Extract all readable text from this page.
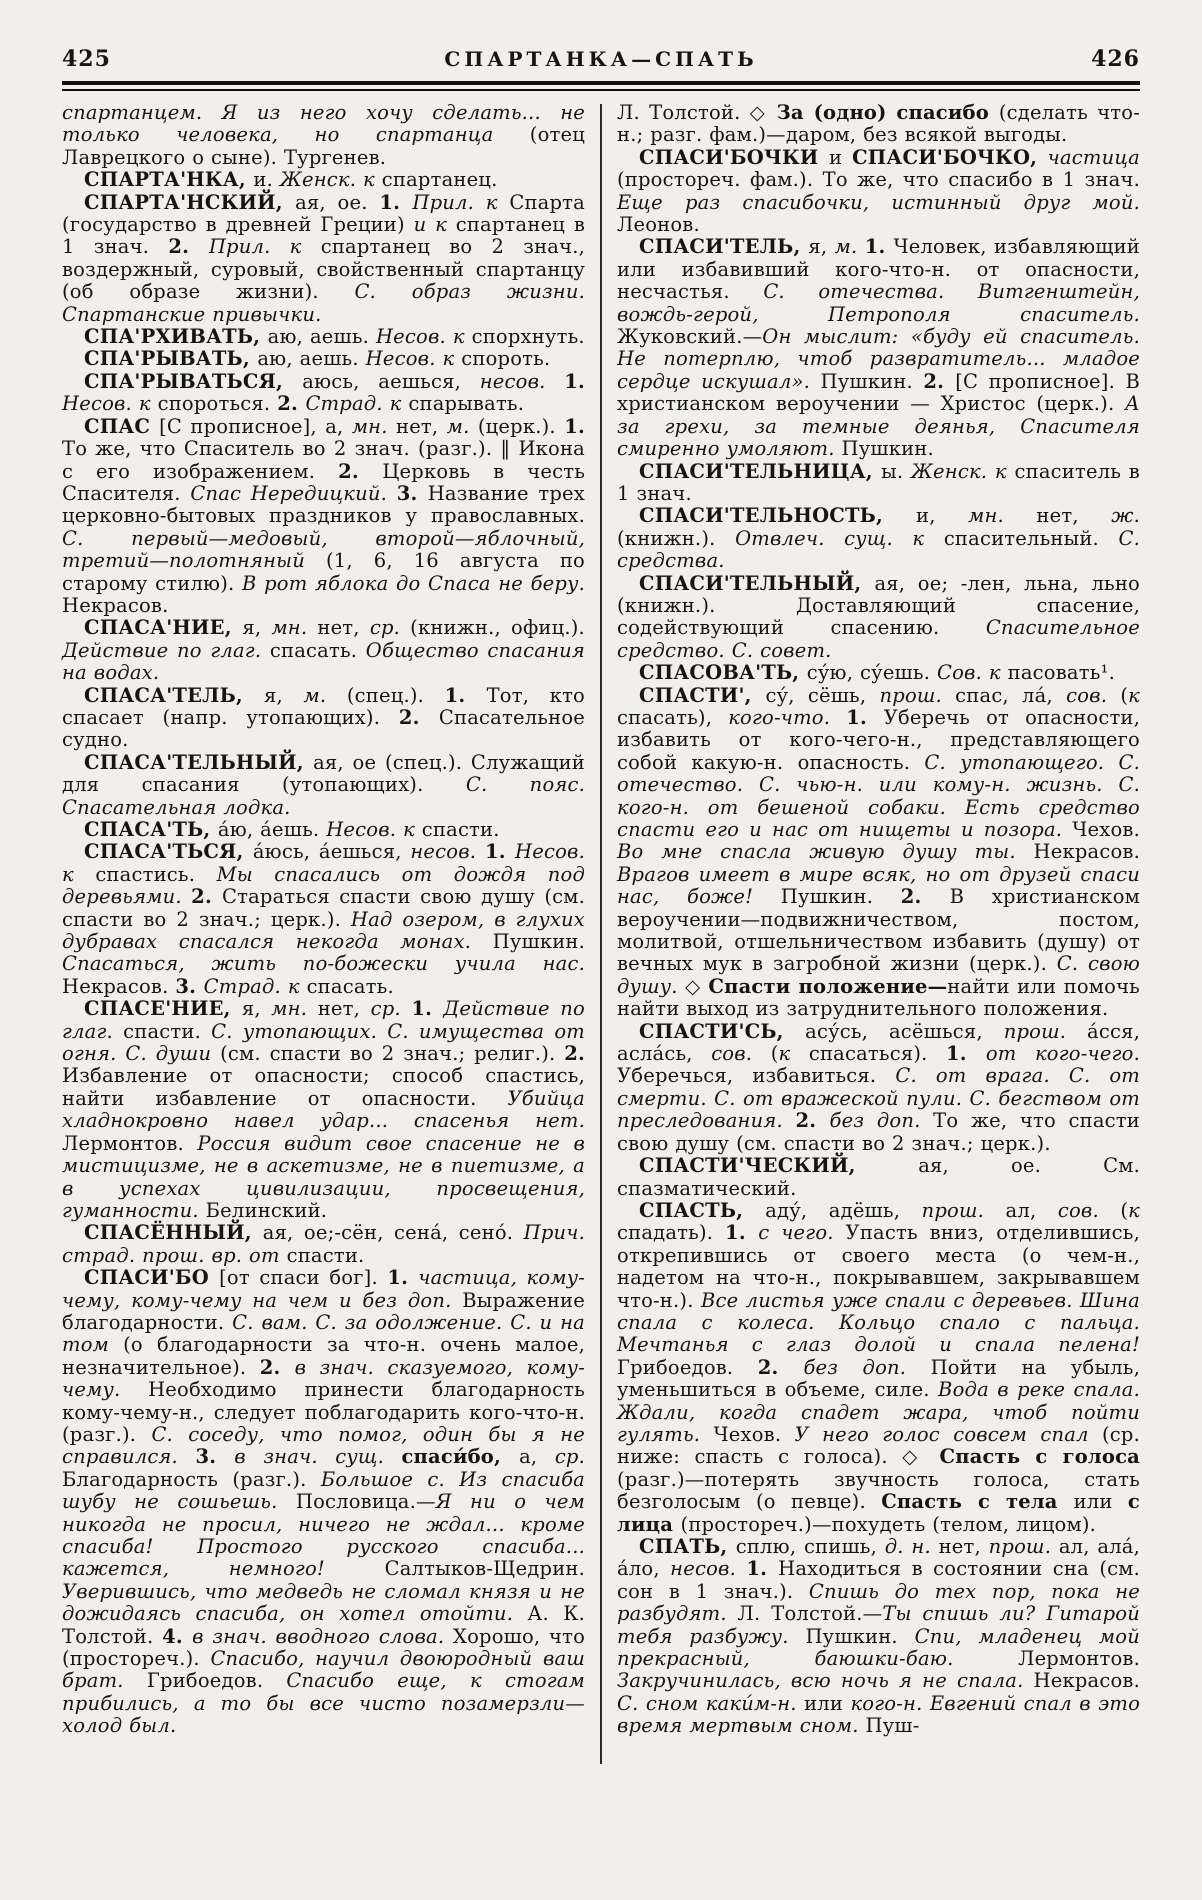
425	СПАРТАНКА—СПАТЬ	426

спартанцем. Я из него хочу сделать... не только человека, но спартанца (отец Лаврецкого о сыне). Тургенев.

СПАРТА'НКА, и. Женск. к спартанец.

СПАРТА'НСКИЙ, ая, ое. 1. Прил. к Спарта (государство в древней Греции) и к спартанец в 1 знач. 2. Прил. к спартанец во 2 знач., воздержный, суровый, свойственный спартанцу (об образе жизни). С. образ жизни. Спартанские привычки.

СПА'РХИВАТЬ, аю, аешь. Несов. к спорхнуть.

СПА'РЫВАТЬ, аю, аешь. Несов. к спороть.

СПА'РЫВАТЬСЯ, аюсь, аешься, несов. 1. Несов. к спороться. 2. Страд. к спарывать.

СПАС [С прописное], а, мн. нет, м. (церк.). 1. То же, что Спаситель во 2 знач. (разг.). ‖ Икона с его изображением. 2. Церковь в честь Спасителя. Спас Нередицкий. 3. Название трех церковно-бытовых праздников у православных. С. первый—медовый, второй—яблочный, третий—полотняный (1, 6, 16 августа по старому стилю). В рот яблока до Спаса не беру. Некрасов.

СПАСА'НИЕ, я, мн. нет, ср. (книжн., офиц.). Действие по глаг. спасать. Общество спасания на водах.

СПАСА'ТЕЛЬ, я, м. (спец.). 1. Тот, кто спасает (напр. утопающих). 2. Спасательное судно.

СПАСА'ТЕЛЬНЫЙ, ая, ое (спец.). Служащий для спасания (утопающих). С. пояс. Спасательная лодка.

СПАСА'ТЬ, а́ю, а́ешь. Несов. к спасти.

СПАСА'ТЬСЯ, а́юсь, а́ешься, несов. 1. Несов. к спастись. Мы спасались от дождя под деревьями. 2. Стараться спасти свою душу (см. спасти во 2 знач.; церк.). Над озером, в глухих дубравах спасался некогда монах. Пушкин. Спасаться, жить по-божески учила нас. Некрасов. 3. Страд. к спасать.

СПАСЕ'НИЕ, я, мн. нет, ср. 1. Действие по глаг. спасти. С. утопающих. С. имущества от огня. С. души (см. спасти во 2 знач.; религ.). 2. Избавление от опасности; способ спастись, найти избавление от опасности. Убийца хладнокровно навел удар... спасенья нет. Лермонтов. Россия видит свое спасение не в мистицизме, не в аскетизме, не в пиетизме, а в успехах цивилизации, просвещения, гуманности. Белинский.

СПАСЁННЫЙ, ая, ое;-сён, сена́, сено́. Прич. страд. прош. вр. от спасти.

СПАСИ'БО [от спаси бог]. 1. частица, кому-чему, кому-чему на чем и без доп. Выражение благодарности. С. вам. С. за одолжение. С. и на том (о благодарности за что-н. очень малое, незначительное). 2. в знач. сказуемого, кому-чему. Необходимо принести благодарность кому-чему-н., следует поблагодарить кого-что-н. (разг.). С. соседу, что помог, один бы я не справился. 3. в знач. сущ. спаси́бо, а, ср. Благодарность (разг.). Большое с. Из спасиба шубу не сошьешь. Пословица.—Я ни о чем никогда не просил, ничего не ждал... кроме спасиба! Простого русского спасиба... кажется, немного! Салтыков-Щедрин. Уверившись, что медведь не сломал князя и не дожидаясь спасиба, он хотел отойти. А. К. Толстой. 4. в знач. вводного слова. Хорошо, что (простореч.). Спасибо, научил двоюродный ваш брат. Грибоедов. Спасибо еще, к стогам прибились, а то бы все чисто позамерзли—холод был.

Л. Толстой. ◇ За (одно) спасибо (сделать что-н.; разг. фам.)—даром, без всякой выгоды.

СПАСИ'БОЧКИ и СПАСИ'БОЧКО, частица (простореч. фам.). То же, что спасибо в 1 знач. Еще раз спасибочки, истинный друг мой. Леонов.

СПАСИ'ТЕЛЬ, я, м. 1. Человек, избавляющий или избавивший кого-что-н. от опасности, несчастья. С. отечества. Витгенштейн, вождь-герой, Петрополя спаситель. Жуковский.—Он мыслит: «буду ей спаситель. Не потерплю, чтоб развратитель... младое сердце искушал». Пушкин. 2. [С прописное]. В христианском вероучении — Христос (церк.). А за грехи, за темные деянья, Спасителя смиренно умоляют. Пушкин.

СПАСИ'ТЕЛЬНИЦА, ы. Женск. к спаситель в 1 знач.

СПАСИ'ТЕЛЬНОСТЬ, и, мн. нет, ж. (книжн.). Отвлеч. сущ. к спасительный. С. средства.

СПАСИ'ТЕЛЬНЫЙ, ая, ое; -лен, льна, льно (книжн.). Доставляющий спасение, содействующий спасению. Спасительное средство. С. совет.

СПАСОВА'ТЬ, су́ю, су́ешь. Сов. к пасовать¹.

СПАСТИ', су́, сёшь, прош. спас, ла́, сов. (к спасать), кого-что. 1. Уберечь от опасности, избавить от кого-чего-н., представляющего собой какую-н. опасность. С. утопающего. С. отечество. С. чью-н. или кому-н. жизнь. С. кого-н. от бешеной собаки. Есть средство спасти его и нас от нищеты и позора. Чехов. Во мне спасла живую душу ты. Некрасов. Врагов имеет в мире всяк, но от друзей спаси нас, боже! Пушкин. 2. В христианском вероучении—подвижничеством, постом, молитвой, отшельничеством избавить (душу) от вечных мук в загробной жизни (церк.). С. свою душу. ◇ Спасти положение—найти или помочь найти выход из затруднительного положения.

СПАСТИ'СЬ, асу́сь, асёшься, прош. а́сся, асла́сь, сов. (к спасаться). 1. от кого-чего. Уберечься, избавиться. С. от врага. С. от смерти. С. от вражеской пули. С. бегством от преследования. 2. без доп. То же, что спасти свою душу (см. спасти во 2 знач.; церк.).

СПАСТИ'ЧЕСКИЙ, ая, ое. См. спазматический.

СПАСТЬ, аду́, адёшь, прош. ал, сов. (к спадать). 1. с чего. Упасть вниз, отделившись, открепившись от своего места (о чем-н., надетом на что-н., покрывавшем, закрывавшем что-н.). Все листья уже спали с деревьев. Шина спала с колеса. Кольцо спало с пальца. Мечтанья с глаз долой и спала пелена! Грибоедов. 2. без доп. Пойти на убыль, уменьшиться в объеме, силе. Вода в реке спала. Ждали, когда спадет жара, чтоб пойти гулять. Чехов. У него голос совсем спал (ср. ниже: спасть с голоса). ◇ Спасть с голоса (разг.)—потерять звучность голоса, стать безголосым (о певце). Спасть с тела или с лица (простореч.)—похудеть (телом, лицом).

СПАТЬ, сплю, спишь, д. н. нет, прош. ал, ала́, а́ло, несов. 1. Находиться в состоянии сна (см. сон в 1 знач.). Спишь до тех пор, пока не разбудят. Л. Толстой.—Ты спишь ли? Гитарой тебя разбужу. Пушкин. Спи, младенец мой прекрасный, баюшки-баю. Лермонтов. Закручинилась, всю ночь я не спала. Некрасов. С. сном каки́м-н. или кого-н. Евгений спал в это время мертвым сном. Пуш-
